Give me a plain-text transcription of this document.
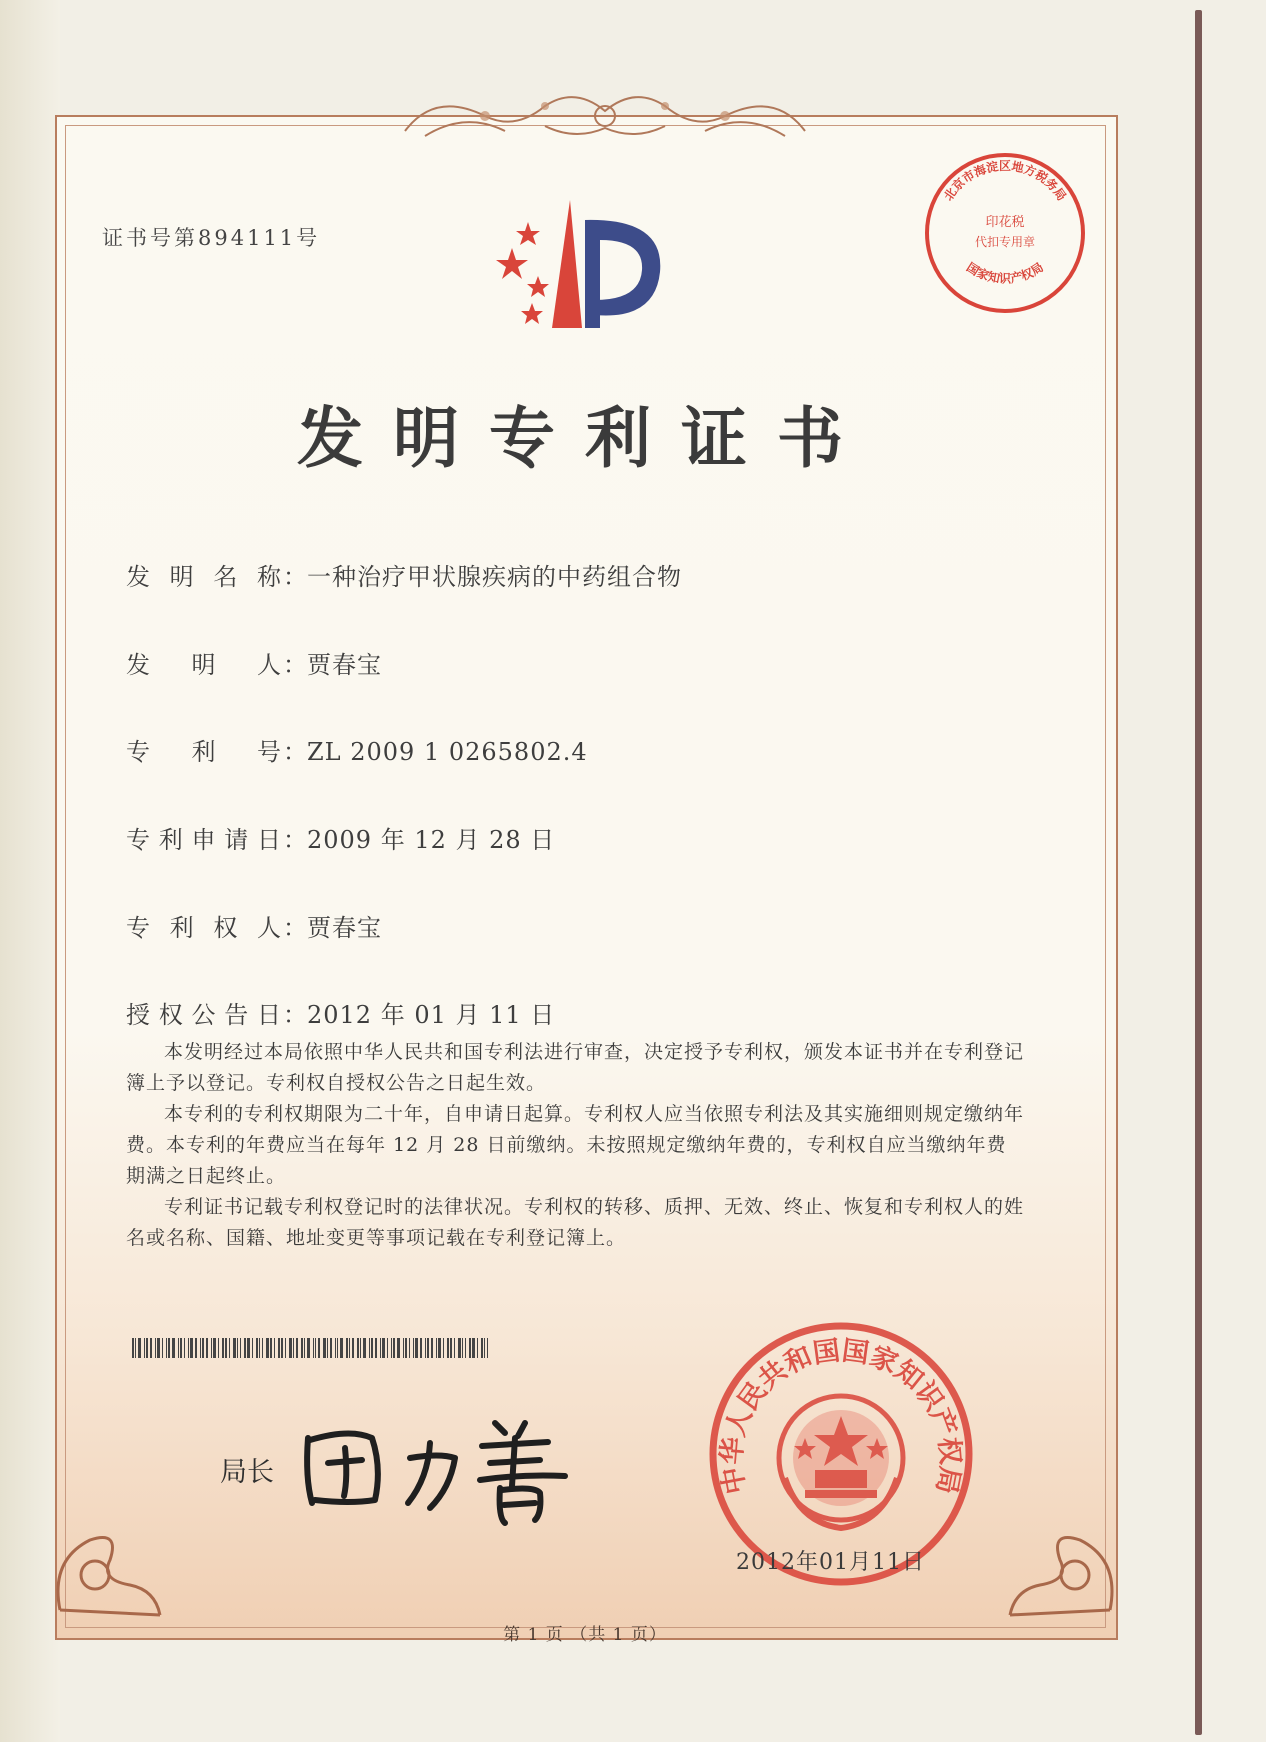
证书号第894111号
北京市海淀区地方税务局
印花税
代扣专用章
国家知识产权局
发明专利证书
发明名称：一种治疗甲状腺疾病的中药组合物
发明人：贾春宝
专利号：ZL 2009 1 0265802.4
专利申请日：2009 年 12 月 28 日
专利权人：贾春宝
授权公告日：2012 年 01 月 11 日

本发明经过本局依照中华人民共和国专利法进行审查，决定授予专利权，颁发本证书并在专利登记簿上予以登记。专利权自授权公告之日起生效。

本专利的专利权期限为二十年，自申请日起算。专利权人应当依照专利法及其实施细则规定缴纳年费。本专利的年费应当在每年 12 月 28 日前缴纳。未按照规定缴纳年费的，专利权自应当缴纳年费期满之日起终止。

专利证书记载专利权登记时的法律状况。专利权的转移、质押、无效、终止、恢复和专利权人的姓名或名称、国籍、地址变更等事项记载在专利登记簿上。

局长	中华人民共和国国家知识产权局
2012年01月11日
第 1 页 （共 1 页）
